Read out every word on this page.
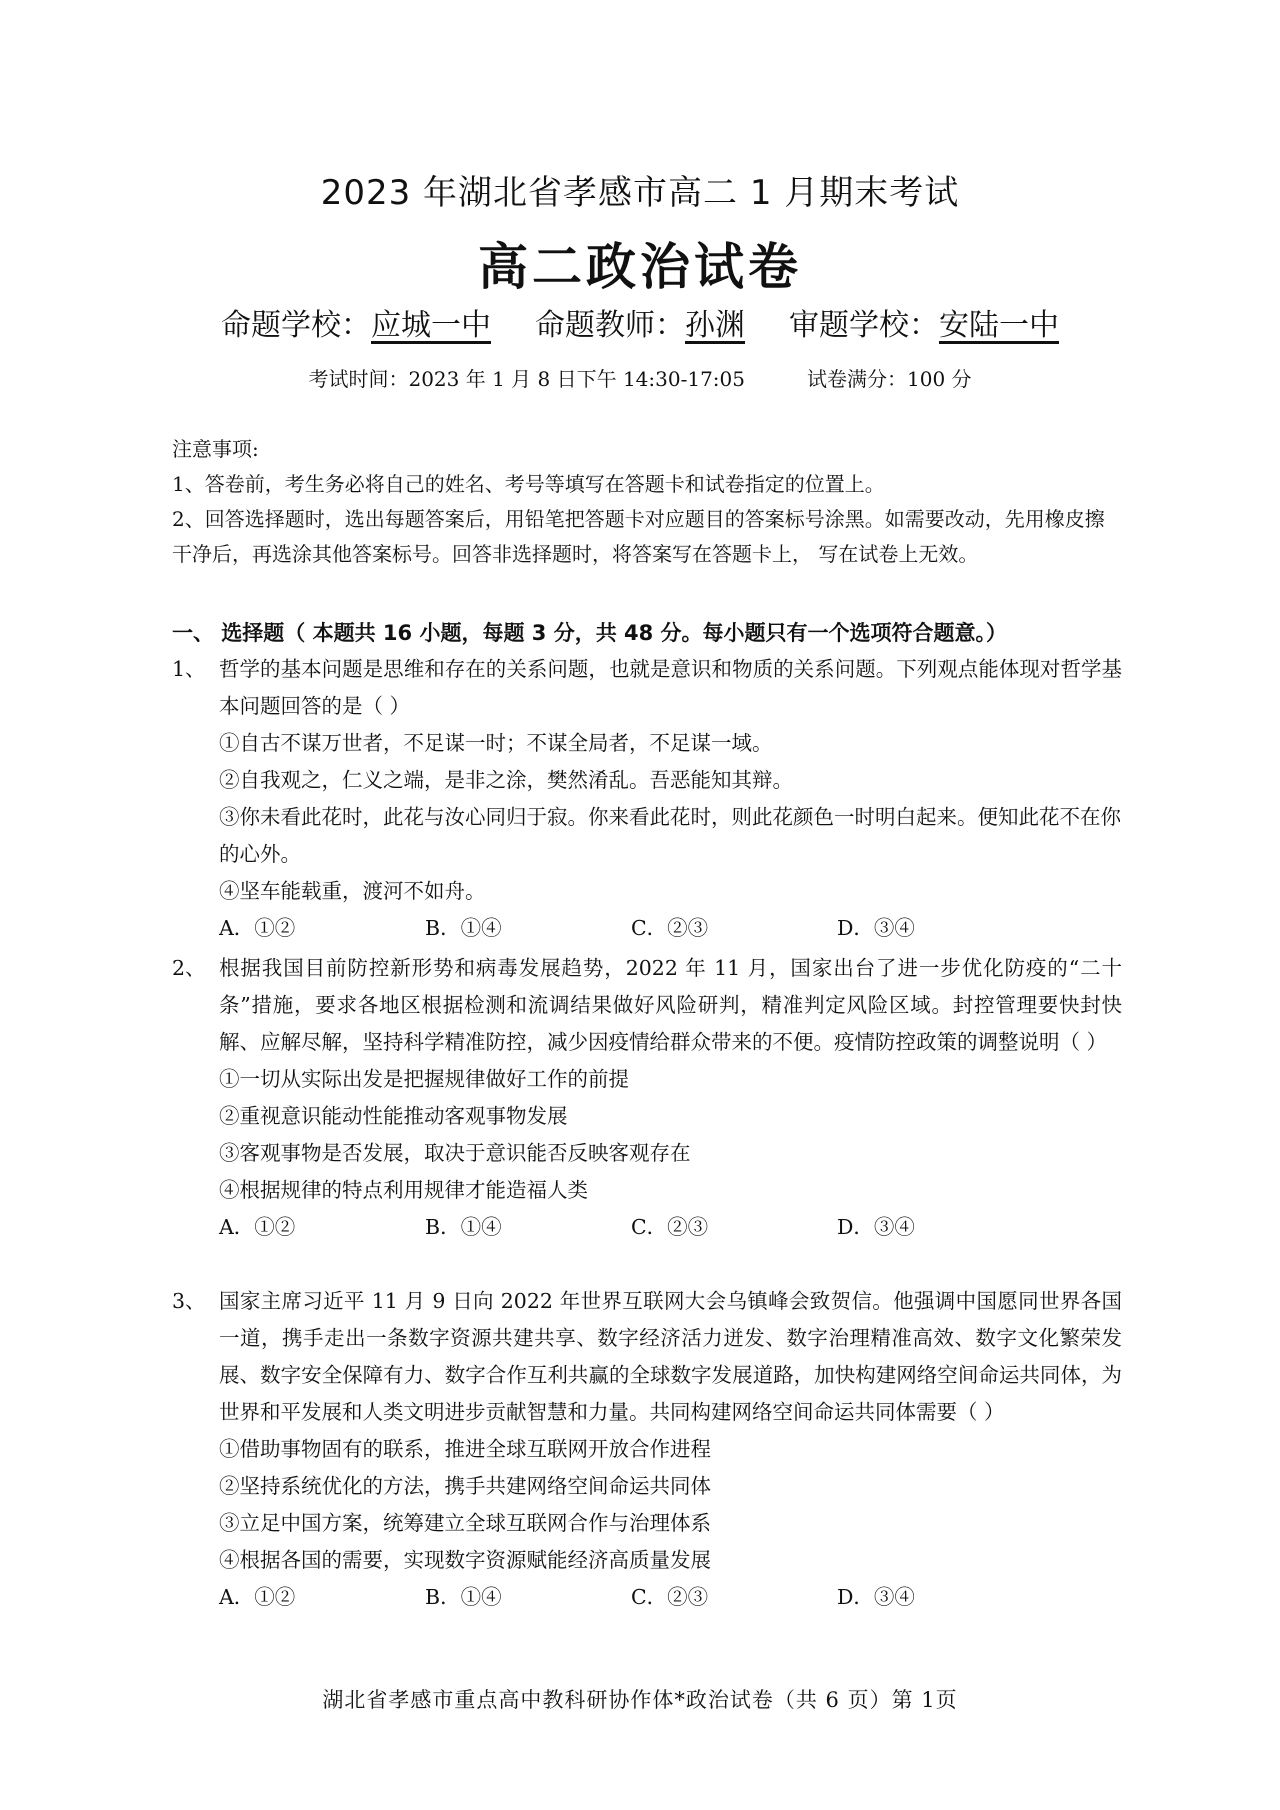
2023 年湖北省孝感市高二 1 月期末考试
高二政治试卷
命题学校：应城一中 命题教师：孙渊 审题学校：安陆一中
考试时间：2023 年 1 月 8 日下午 14:30-17:05	试卷满分：100 分
注意事项:
1、答卷前，考生务必将自己的姓名、考号等填写在答题卡和试卷指定的位置上。
2、回答选择题时，选出每题答案后，用铅笔把答题卡对应题目的答案标号涂黑。如需要改动，先用橡皮擦干净后，再选涂其他答案标号。回答非选择题时，将答案写在答题卡上， 写在试卷上无效。
一、 选择题（ 本题共 16 小题，每题 3 分，共 48 分。每小题只有一个选项符合题意。）
1、 哲学的基本问题是思维和存在的关系问题，也就是意识和物质的关系问题。下列观点能体现对哲学基本问题回答的是（ ）
①自古不谋万世者，不足谋一时；不谋全局者，不足谋一域。
②自我观之，仁义之端，是非之涂，樊然淆乱。吾恶能知其辩。
③你未看此花时，此花与汝心同归于寂。你来看此花时，则此花颜色一时明白起来。便知此花不在你的心外。
④坚车能载重，渡河不如舟。
A．①②	B．①④	C．②③	D．③④
2、 根据我国目前防控新形势和病毒发展趋势，2022 年 11 月，国家出台了进一步优化防疫的“二十条”措施，要求各地区根据检测和流调结果做好风险研判，精准判定风险区域。封控管理要快封快解、应解尽解，坚持科学精准防控，减少因疫情给群众带来的不便。疫情防控政策的调整说明（ ）
①一切从实际出发是把握规律做好工作的前提
②重视意识能动性能推动客观事物发展
③客观事物是否发展，取决于意识能否反映客观存在
④根据规律的特点利用规律才能造福人类
A．①②	B．①④	C．②③	D．③④
3、 国家主席习近平 11 月 9 日向 2022 年世界互联网大会乌镇峰会致贺信。他强调中国愿同世界各国一道，携手走出一条数字资源共建共享、数字经济活力迸发、数字治理精准高效、数字文化繁荣发展、数字安全保障有力、数字合作互利共赢的全球数字发展道路，加快构建网络空间命运共同体，为世界和平发展和人类文明进步贡献智慧和力量。共同构建网络空间命运共同体需要（ ）
①借助事物固有的联系，推进全球互联网开放合作进程
②坚持系统优化的方法，携手共建网络空间命运共同体
③立足中国方案，统筹建立全球互联网合作与治理体系
④根据各国的需要，实现数字资源赋能经济高质量发展
A．①②	B．①④	C．②③	D．③④
湖北省孝感市重点高中教科研协作体*政治试卷（共 6 页）第 1页
